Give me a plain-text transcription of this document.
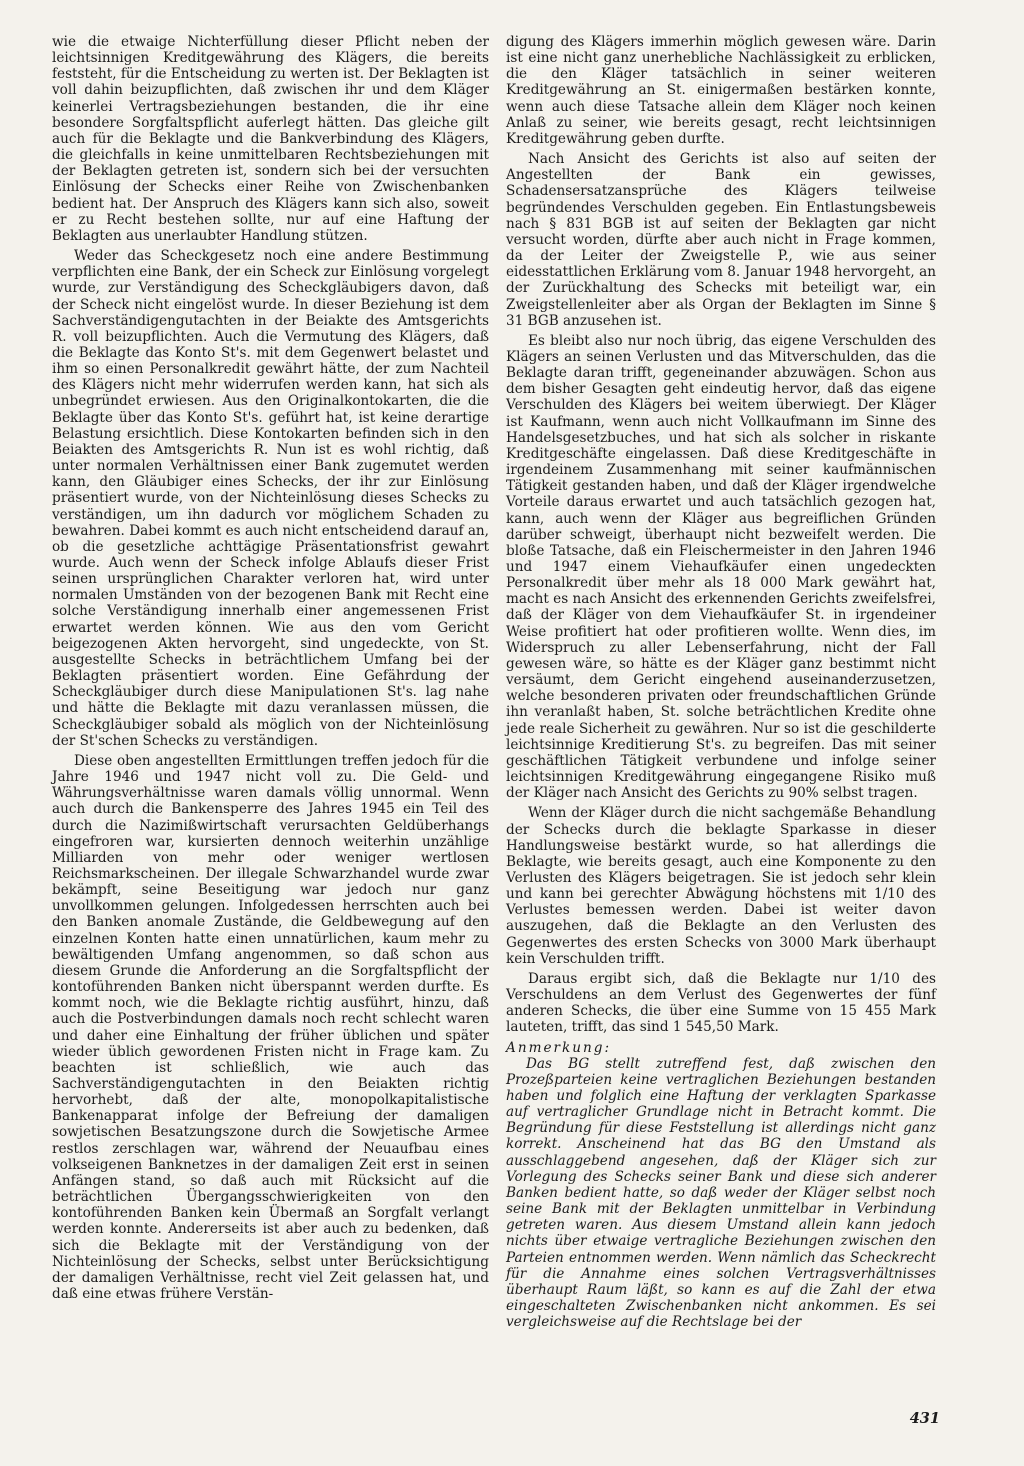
wie die etwaige Nichterfüllung dieser Pflicht neben der leichtsinnigen Kreditgewährung des Klägers, die bereits feststeht, für die Entscheidung zu werten ist. Der Beklagten ist voll dahin beizupflichten, daß zwischen ihr und dem Kläger keinerlei Vertragsbeziehungen bestanden, die ihr eine besondere Sorgfaltspflicht auferlegt hätten. Das gleiche gilt auch für die Beklagte und die Bankverbindung des Klägers, die gleichfalls in keine unmittelbaren Rechtsbeziehungen mit der Beklagten getreten ist, sondern sich bei der versuchten Einlösung der Schecks einer Reihe von Zwischenbanken bedient hat. Der Anspruch des Klägers kann sich also, soweit er zu Recht bestehen sollte, nur auf eine Haftung der Beklagten aus unerlaubter Handlung stützen.

Weder das Scheckgesetz noch eine andere Bestimmung verpflichten eine Bank, der ein Scheck zur Einlösung vorgelegt wurde, zur Verständigung des Scheckgläubigers davon, daß der Scheck nicht eingelöst wurde. In dieser Beziehung ist dem Sachverständigengutachten in der Beiakte des Amtsgerichts R. voll beizupflichten. Auch die Vermutung des Klägers, daß die Beklagte das Konto St's. mit dem Gegenwert belastet und ihm so einen Personalkredit gewährt hätte, der zum Nachteil des Klägers nicht mehr widerrufen werden kann, hat sich als unbegründet erwiesen. Aus den Originalkontokarten, die die Beklagte über das Konto St's. geführt hat, ist keine derartige Belastung ersichtlich. Diese Kontokarten befinden sich in den Beiakten des Amtsgerichts R. Nun ist es wohl richtig, daß unter normalen Verhältnissen einer Bank zugemutet werden kann, den Gläubiger eines Schecks, der ihr zur Einlösung präsentiert wurde, von der Nichteinlösung dieses Schecks zu verständigen, um ihn dadurch vor möglichem Schaden zu bewahren. Dabei kommt es auch nicht entscheidend darauf an, ob die gesetzliche achttägige Präsentationsfrist gewahrt wurde. Auch wenn der Scheck infolge Ablaufs dieser Frist seinen ursprünglichen Charakter verloren hat, wird unter normalen Umständen von der bezogenen Bank mit Recht eine solche Verständigung innerhalb einer angemessenen Frist erwartet werden können. Wie aus den vom Gericht beigezogenen Akten hervorgeht, sind ungedeckte, von St. ausgestellte Schecks in beträchtlichem Umfang bei der Beklagten präsentiert worden. Eine Gefährdung der Scheckgläubiger durch diese Manipulationen St's. lag nahe und hätte die Beklagte mit dazu veranlassen müssen, die Scheckgläubiger sobald als möglich von der Nichteinlösung der St'schen Schecks zu verständigen.

Diese oben angestellten Ermittlungen treffen jedoch für die Jahre 1946 und 1947 nicht voll zu. Die Geld- und Währungsverhältnisse waren damals völlig unnormal. Wenn auch durch die Bankensperre des Jahres 1945 ein Teil des durch die Nazimißwirtschaft verursachten Geldüberhangs eingefroren war, kursierten dennoch weiterhin unzählige Milliarden von mehr oder weniger wertlosen Reichsmarkscheinen. Der illegale Schwarzhandel wurde zwar bekämpft, seine Beseitigung war jedoch nur ganz unvollkommen gelungen. Infolgedessen herrschten auch bei den Banken anomale Zustände, die Geldbewegung auf den einzelnen Konten hatte einen unnatürlichen, kaum mehr zu bewältigenden Umfang angenommen, so daß schon aus diesem Grunde die Anforderung an die Sorgfaltspflicht der kontoführenden Banken nicht überspannt werden durfte. Es kommt noch, wie die Beklagte richtig ausführt, hinzu, daß auch die Postverbindungen damals noch recht schlecht waren und daher eine Einhaltung der früher üblichen und später wieder üblich gewordenen Fristen nicht in Frage kam. Zu beachten ist schließlich, wie auch das Sachverständigengutachten in den Beiakten richtig hervorhebt, daß der alte, monopolkapitalistische Bankenapparat infolge der Befreiung der damaligen sowjetischen Besatzungszone durch die Sowjetische Armee restlos zerschlagen war, während der Neuaufbau eines volkseigenen Banknetzes in der damaligen Zeit erst in seinen Anfängen stand, so daß auch mit Rücksicht auf die beträchtlichen Übergangsschwierigkeiten von den kontoführenden Banken kein Übermaß an Sorgfalt verlangt werden konnte. Andererseits ist aber auch zu bedenken, daß sich die Beklagte mit der Verständigung von der Nichteinlösung der Schecks, selbst unter Berücksichtigung der damaligen Verhältnisse, recht viel Zeit gelassen hat, und daß eine etwas frühere Verstän-

digung des Klägers immerhin möglich gewesen wäre. Darin ist eine nicht ganz unerhebliche Nachlässigkeit zu erblicken, die den Kläger tatsächlich in seiner weiteren Kreditgewährung an St. einigermaßen bestärken konnte, wenn auch diese Tatsache allein dem Kläger noch keinen Anlaß zu seiner, wie bereits gesagt, recht leichtsinnigen Kreditgewährung geben durfte.

Nach Ansicht des Gerichts ist also auf seiten der Angestellten der Bank ein gewisses, Schadensersatzansprüche des Klägers teilweise begründendes Verschulden gegeben. Ein Entlastungsbeweis nach § 831 BGB ist auf seiten der Beklagten gar nicht versucht worden, dürfte aber auch nicht in Frage kommen, da der Leiter der Zweigstelle P., wie aus seiner eidesstattlichen Erklärung vom 8. Januar 1948 hervorgeht, an der Zurückhaltung des Schecks mit beteiligt war, ein Zweigstellenleiter aber als Organ der Beklagten im Sinne § 31 BGB anzusehen ist.

Es bleibt also nur noch übrig, das eigene Verschulden des Klägers an seinen Verlusten und das Mitverschulden, das die Beklagte daran trifft, gegeneinander abzuwägen. Schon aus dem bisher Gesagten geht eindeutig hervor, daß das eigene Verschulden des Klägers bei weitem überwiegt. Der Kläger ist Kaufmann, wenn auch nicht Vollkaufmann im Sinne des Handelsgesetzbuches, und hat sich als solcher in riskante Kreditgeschäfte eingelassen. Daß diese Kreditgeschäfte in irgendeinem Zusammenhang mit seiner kaufmännischen Tätigkeit gestanden haben, und daß der Kläger irgendwelche Vorteile daraus erwartet und auch tatsächlich gezogen hat, kann, auch wenn der Kläger aus begreiflichen Gründen darüber schweigt, überhaupt nicht bezweifelt werden. Die bloße Tatsache, daß ein Fleischermeister in den Jahren 1946 und 1947 einem Viehaufkäufer einen ungedeckten Personalkredit über mehr als 18 000 Mark gewährt hat, macht es nach Ansicht des erkennenden Gerichts zweifelsfrei, daß der Kläger von dem Viehaufkäufer St. in irgendeiner Weise profitiert hat oder profitieren wollte. Wenn dies, im Widerspruch zu aller Lebenserfahrung, nicht der Fall gewesen wäre, so hätte es der Kläger ganz bestimmt nicht versäumt, dem Gericht eingehend auseinanderzusetzen, welche besonderen privaten oder freundschaftlichen Gründe ihn veranlaßt haben, St. solche beträchtlichen Kredite ohne jede reale Sicherheit zu gewähren. Nur so ist die geschilderte leichtsinnige Kreditierung St's. zu begreifen. Das mit seiner geschäftlichen Tätigkeit verbundene und infolge seiner leichtsinnigen Kreditgewährung eingegangene Risiko muß der Kläger nach Ansicht des Gerichts zu 90% selbst tragen.

Wenn der Kläger durch die nicht sachgemäße Behandlung der Schecks durch die beklagte Sparkasse in dieser Handlungsweise bestärkt wurde, so hat allerdings die Beklagte, wie bereits gesagt, auch eine Komponente zu den Verlusten des Klägers beigetragen. Sie ist jedoch sehr klein und kann bei gerechter Abwägung höchstens mit 1/10 des Verlustes bemessen werden. Dabei ist weiter davon auszugehen, daß die Beklagte an den Verlusten des Gegenwertes des ersten Schecks von 3000 Mark überhaupt kein Verschulden trifft.

Daraus ergibt sich, daß die Beklagte nur 1/10 des Verschuldens an dem Verlust des Gegenwertes der fünf anderen Schecks, die über eine Summe von 15 455 Mark lauteten, trifft, das sind 1 545,50 Mark.

Anmerkung:

Das BG stellt zutreffend fest, daß zwischen den Prozeßparteien keine vertraglichen Beziehungen bestanden haben und folglich eine Haftung der verklagten Sparkasse auf vertraglicher Grundlage nicht in Betracht kommt. Die Begründung für diese Feststellung ist allerdings nicht ganz korrekt. Anscheinend hat das BG den Umstand als ausschlaggebend angesehen, daß der Kläger sich zur Vorlegung des Schecks seiner Bank und diese sich anderer Banken bedient hatte, so daß weder der Kläger selbst noch seine Bank mit der Beklagten unmittelbar in Verbindung getreten waren. Aus diesem Umstand allein kann jedoch nichts über etwaige vertragliche Beziehungen zwischen den Parteien entnommen werden. Wenn nämlich das Scheckrecht für die Annahme eines solchen Vertragsverhältnisses überhaupt Raum läßt, so kann es auf die Zahl der etwa eingeschalteten Zwischenbanken nicht ankommen. Es sei vergleichsweise auf die Rechtslage bei der

431
